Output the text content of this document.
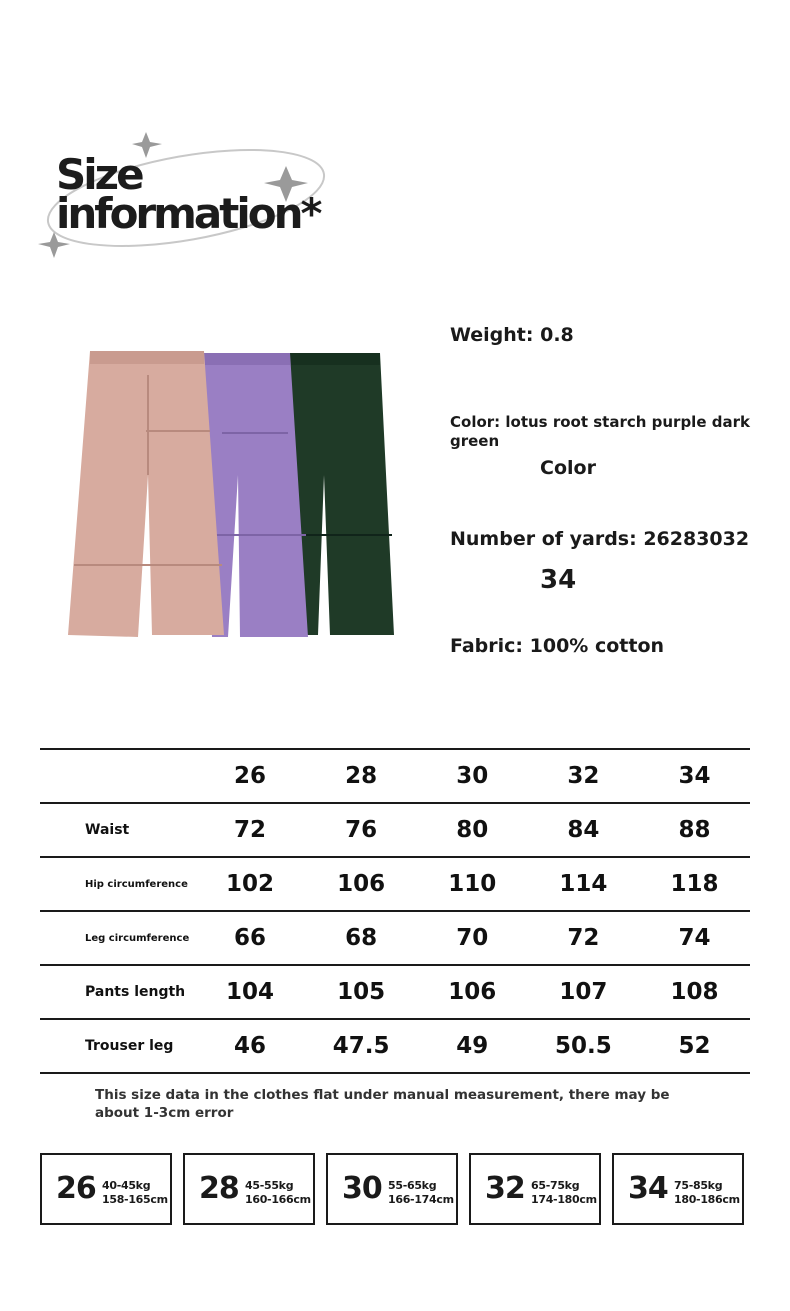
Size
information*
Weight: 0.8
Color: lotus root starch purple dark green
Color
Number of yards: 26283032
34
Fabric: 100% cotton
	26	28	30	32	34
Waist	72	76	80	84	88
Hip circumference	102	106	110	114	118
Leg circumference	66	68	70	72	74
Pants length	104	105	106	107	108
Trouser leg	46	47.5	49	50.5	52
This size data in the clothes flat under manual measurement, there may be about 1-3cm error
26 40-45kg
158-165cm 28 45-55kg
160-166cm 30 55-65kg
166-174cm 32 65-75kg
174-180cm 34 75-85kg
180-186cm
